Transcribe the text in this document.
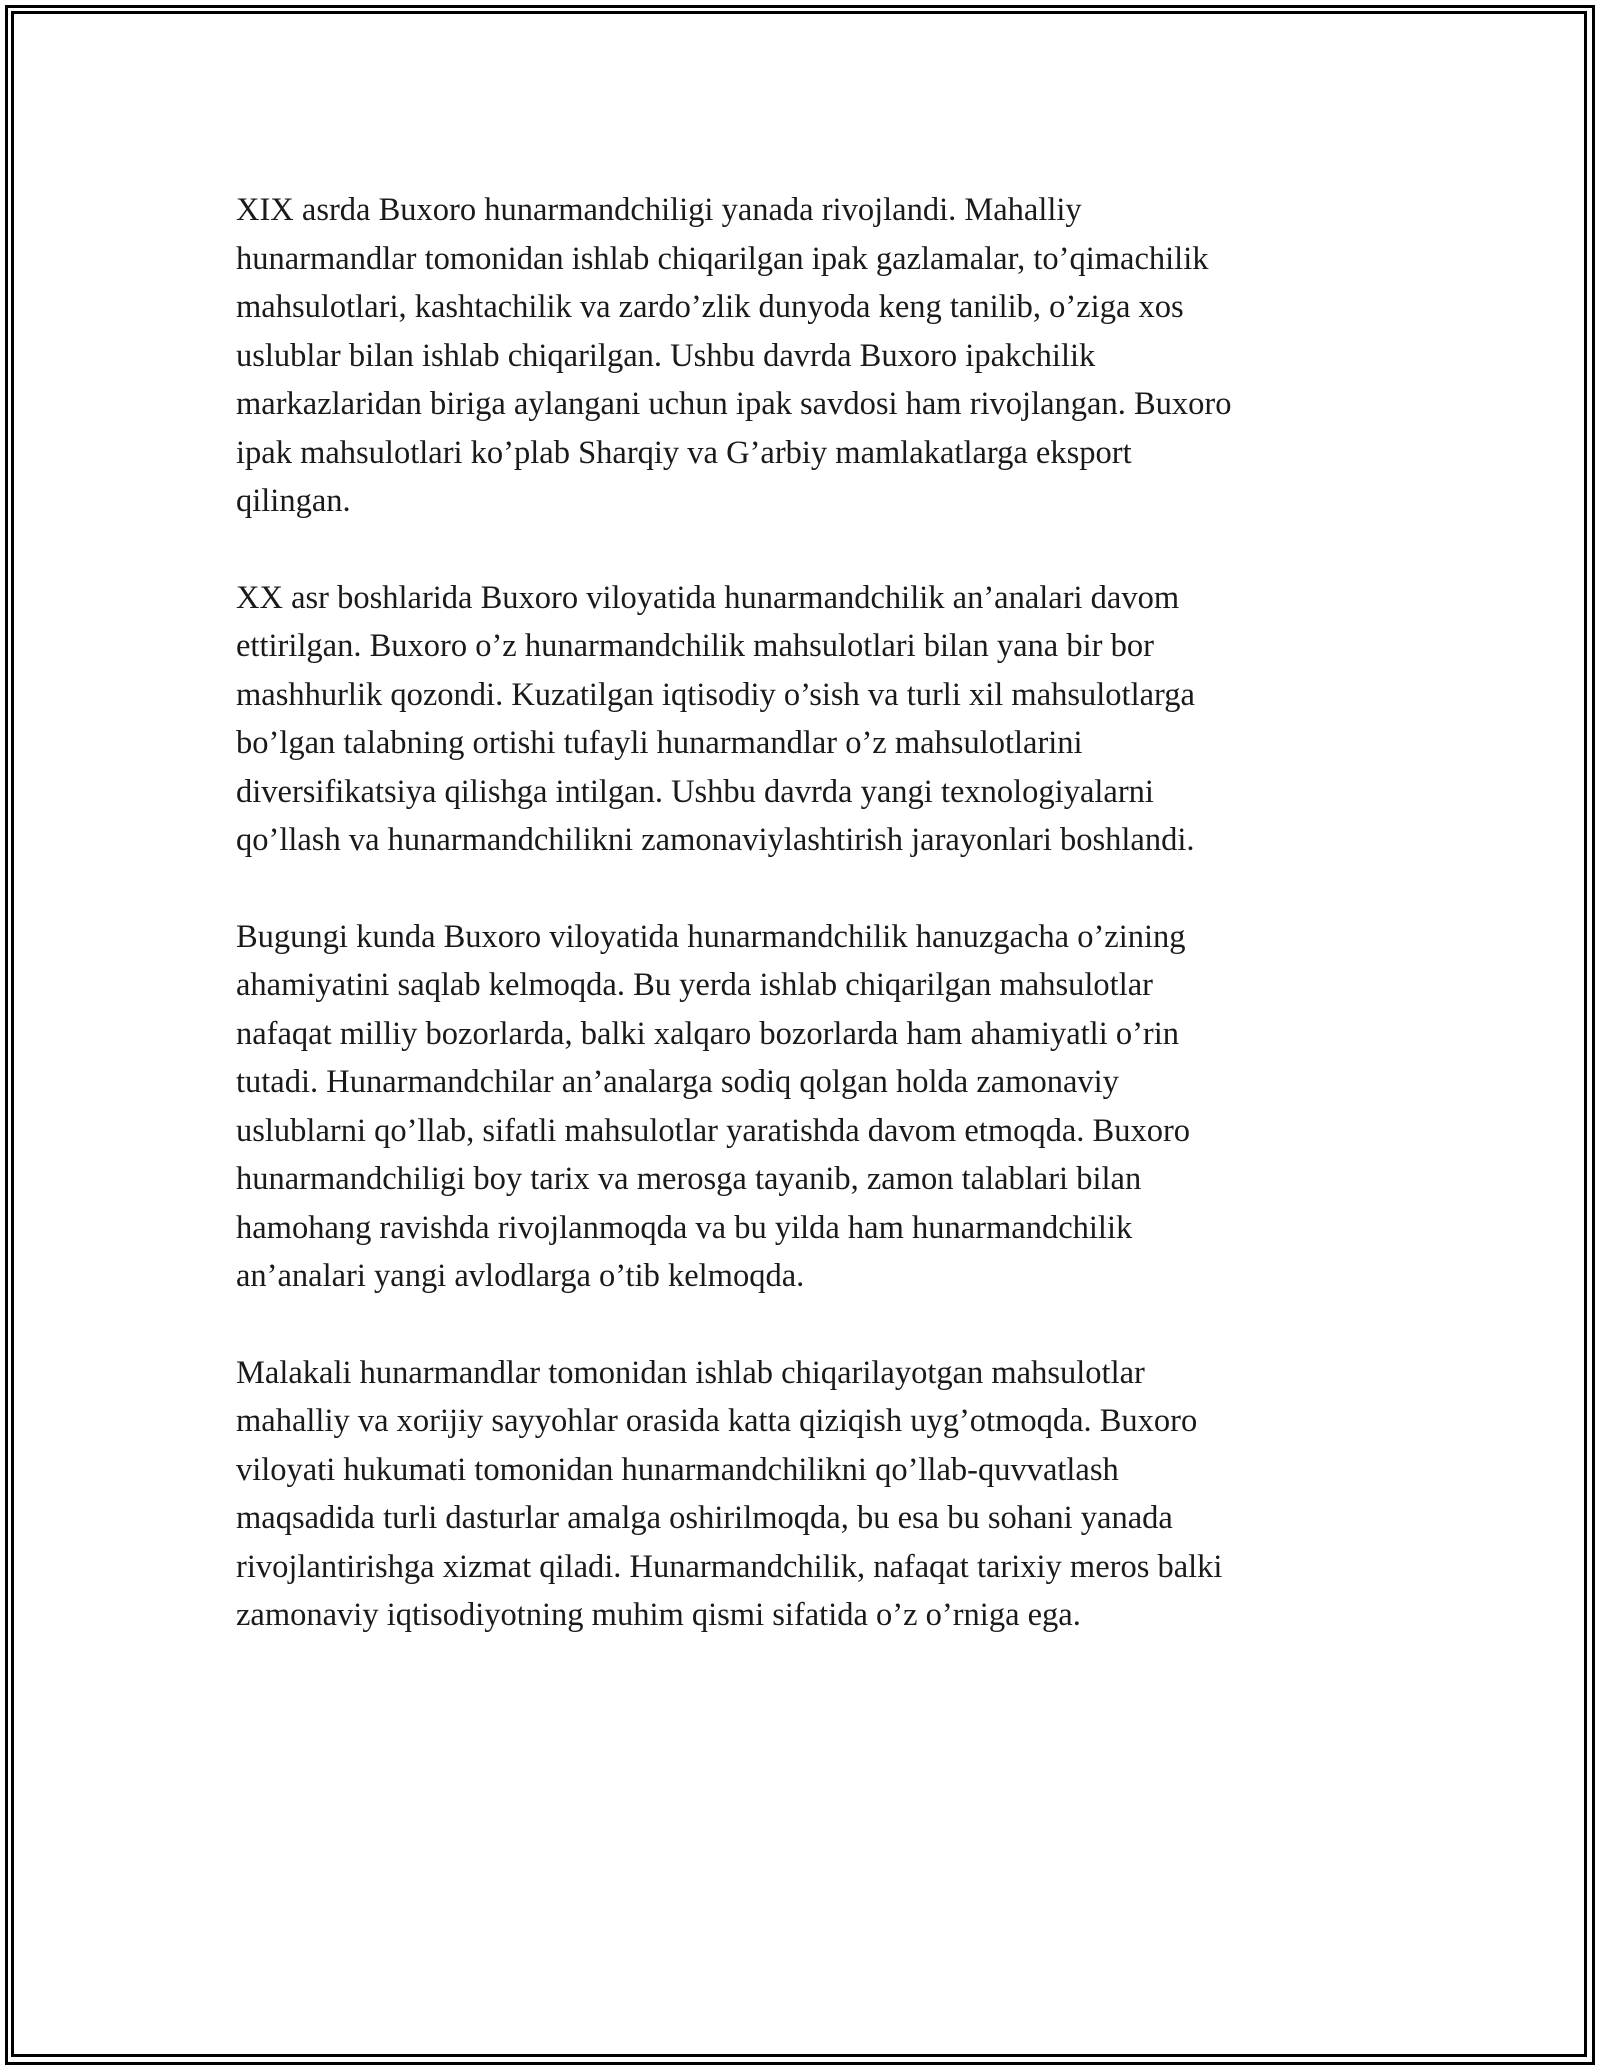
XIX asrda Buxoro hunarmandchiligi yanada rivojlandi. Mahalliy
hunarmandlar tomonidan ishlab chiqarilgan ipak gazlamalar, to’qimachilik
mahsulotlari, kashtachilik va zardo’zlik dunyoda keng tanilib, o’ziga xos
uslublar bilan ishlab chiqarilgan. Ushbu davrda Buxoro ipakchilik
markazlaridan biriga aylangani uchun ipak savdosi ham rivojlangan. Buxoro
ipak mahsulotlari ko’plab Sharqiy va G’arbiy mamlakatlarga eksport
qilingan.

XX asr boshlarida Buxoro viloyatida hunarmandchilik an’analari davom
ettirilgan. Buxoro o’z hunarmandchilik mahsulotlari bilan yana bir bor
mashhurlik qozondi. Kuzatilgan iqtisodiy o’sish va turli xil mahsulotlarga
bo’lgan talabning ortishi tufayli hunarmandlar o’z mahsulotlarini
diversifikatsiya qilishga intilgan. Ushbu davrda yangi texnologiyalarni
qo’llash va hunarmandchilikni zamonaviylashtirish jarayonlari boshlandi.

Bugungi kunda Buxoro viloyatida hunarmandchilik hanuzgacha o’zining
ahamiyatini saqlab kelmoqda. Bu yerda ishlab chiqarilgan mahsulotlar
nafaqat milliy bozorlarda, balki xalqaro bozorlarda ham ahamiyatli o’rin
tutadi. Hunarmandchilar an’analarga sodiq qolgan holda zamonaviy
uslublarni qo’llab, sifatli mahsulotlar yaratishda davom etmoqda. Buxoro
hunarmandchiligi boy tarix va merosga tayanib, zamon talablari bilan
hamohang ravishda rivojlanmoqda va bu yilda ham hunarmandchilik
an’analari yangi avlodlarga o’tib kelmoqda.

Malakali hunarmandlar tomonidan ishlab chiqarilayotgan mahsulotlar
mahalliy va xorijiy sayyohlar orasida katta qiziqish uyg’otmoqda. Buxoro
viloyati hukumati tomonidan hunarmandchilikni qo’llab-quvvatlash
maqsadida turli dasturlar amalga oshirilmoqda, bu esa bu sohani yanada
rivojlantirishga xizmat qiladi. Hunarmandchilik, nafaqat tarixiy meros balki
zamonaviy iqtisodiyotning muhim qismi sifatida o’z o’rniga ega.
